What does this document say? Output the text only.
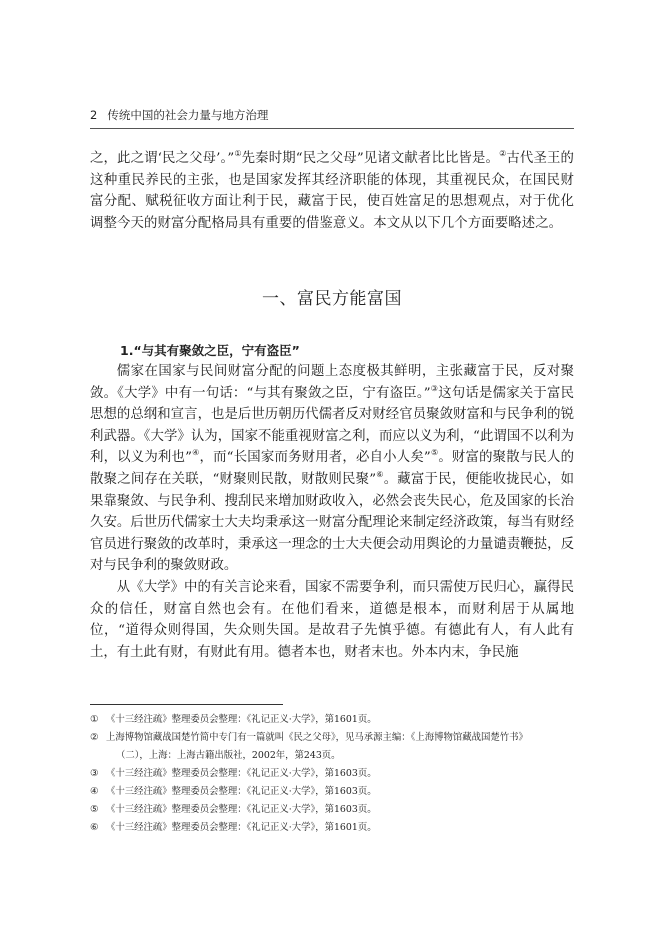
2 传统中国的社会力量与地方治理

之，此之谓‘民之父母’。”①先秦时期“民之父母”见诸文献者比比皆是。②古代圣王的这种重民养民的主张，也是国家发挥其经济职能的体现，其重视民众，在国民财富分配、赋税征收方面让利于民，藏富于民，使百姓富足的思想观点，对于优化调整今天的财富分配格局具有重要的借鉴意义。本文从以下几个方面要略述之。

一、富民方能富国
1.“与其有聚敛之臣，宁有盗臣”

儒家在国家与民间财富分配的问题上态度极其鲜明，主张藏富于民，反对聚敛。《大学》中有一句话：“与其有聚敛之臣，宁有盗臣。”③这句话是儒家关于富民思想的总纲和宣言，也是后世历朝历代儒者反对财经官员聚敛财富和与民争利的锐利武器。《大学》认为，国家不能重视财富之利，而应以义为利，“此谓国不以利为利，以义为利也”④，而“长国家而务财用者，必自小人矣”⑤。财富的聚散与民人的散聚之间存在关联，“财聚则民散，财散则民聚”⑥。藏富于民，便能收拢民心，如果靠聚敛、与民争利、搜刮民来增加财政收入，必然会丧失民心，危及国家的长治久安。后世历代儒家士大夫均秉承这一财富分配理论来制定经济政策，每当有财经官员进行聚敛的改革时，秉承这一理念的士大夫便会动用舆论的力量谴责鞭挞，反对与民争利的聚敛财政。

从《大学》中的有关言论来看，国家不需要争利，而只需使万民归心，赢得民众的信任，财富自然也会有。在他们看来，道德是根本，而财利居于从属地位，“道得众则得国，失众则失国。是故君子先慎乎德。有德此有人，有人此有土，有土此有财，有财此有用。德者本也，财者末也。外本内末，争民施

① 《十三经注疏》整理委员会整理：《礼记正义·大学》，第1601页。
② 上海博物馆藏战国楚竹简中专门有一篇就叫《民之父母》，见马承源主编：《上海博物馆藏战国楚竹书》
（二），上海：上海古籍出版社，2002年，第243页。
③ 《十三经注疏》整理委员会整理：《礼记正义·大学》，第1603页。
④ 《十三经注疏》整理委员会整理：《礼记正义·大学》，第1603页。
⑤ 《十三经注疏》整理委员会整理：《礼记正义·大学》，第1603页。
⑥ 《十三经注疏》整理委员会整理：《礼记正义·大学》，第1601页。
